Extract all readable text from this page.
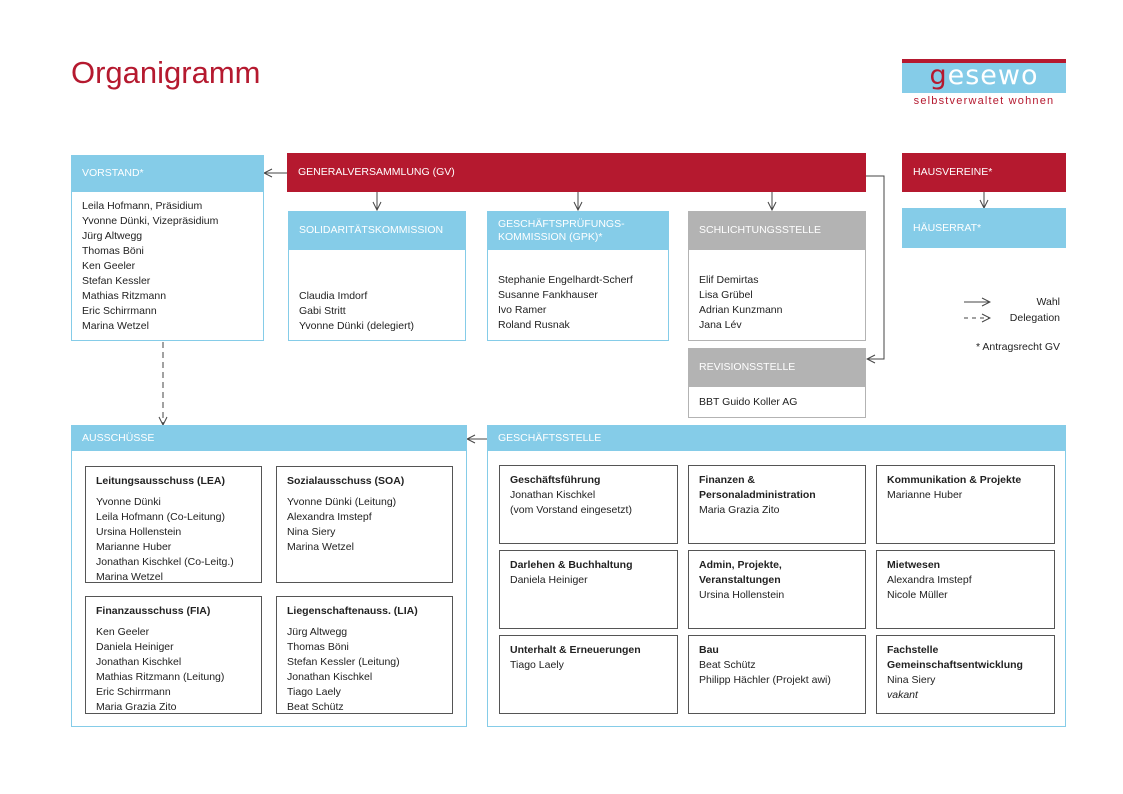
Organigramm	gesewo
selbstverwaltet wohnen
VORSTAND*
Leila Hofmann, Präsidium
Yvonne Dünki, Vizepräsidium
Jürg Altwegg
Thomas Böni
Ken Geeler
Stefan Kessler
Mathias Ritzmann
Eric Schirrmann
Marina Wetzel
GENERALVERSAMMLUNG (GV)	HAUSVEREINE*
HÄUSERRAT*
SOLIDARITÄTSKOMMISSION
Claudia Imdorf
Gabi Stritt
Yvonne Dünki (delegiert)
GESCHÄFTSPRÜFUNGS-
KOMMISSION (GPK)*
Stephanie Engelhardt-Scherf
Susanne Fankhauser
Ivo Ramer
Roland Rusnak
SCHLICHTUNGSSTELLE
Elif Demirtas
Lisa Grübel
Adrian Kunzmann
Jana Lév
REVISIONSSTELLE
BBT Guido Koller AG
Wahl
Delegation
* Antragsrecht GV
AUSSCHÜSSE
Leitungsausschuss (LEA)
Yvonne Dünki
Leila Hofmann (Co-Leitung)
Ursina Hollenstein
Marianne Huber
Jonathan Kischkel (Co-Leitg.)
Marina Wetzel
Sozialausschuss (SOA)
Yvonne Dünki (Leitung)
Alexandra Imstepf
Nina Siery
Marina Wetzel
Finanzausschuss (FIA)
Ken Geeler
Daniela Heiniger
Jonathan Kischkel
Mathias Ritzmann (Leitung)
Eric Schirrmann
Maria Grazia Zito
Liegenschaftenauss. (LIA)
Jürg Altwegg
Thomas Böni
Stefan Kessler (Leitung)
Jonathan Kischkel
Tiago Laely
Beat Schütz
GESCHÄFTSSTELLE
Geschäftsführung
Jonathan Kischkel
(vom Vorstand eingesetzt)
Finanzen &
Personaladministration
Maria Grazia Zito
Kommunikation & Projekte
Marianne Huber
Darlehen & Buchhaltung
Daniela Heiniger
Admin, Projekte,
Veranstaltungen
Ursina Hollenstein
Mietwesen
Alexandra Imstepf
Nicole Müller
Unterhalt & Erneuerungen
Tiago Laely
Bau
Beat Schütz
Philipp Hächler (Projekt awi)
Fachstelle
Gemeinschaftsentwicklung
Nina Siery
vakant
